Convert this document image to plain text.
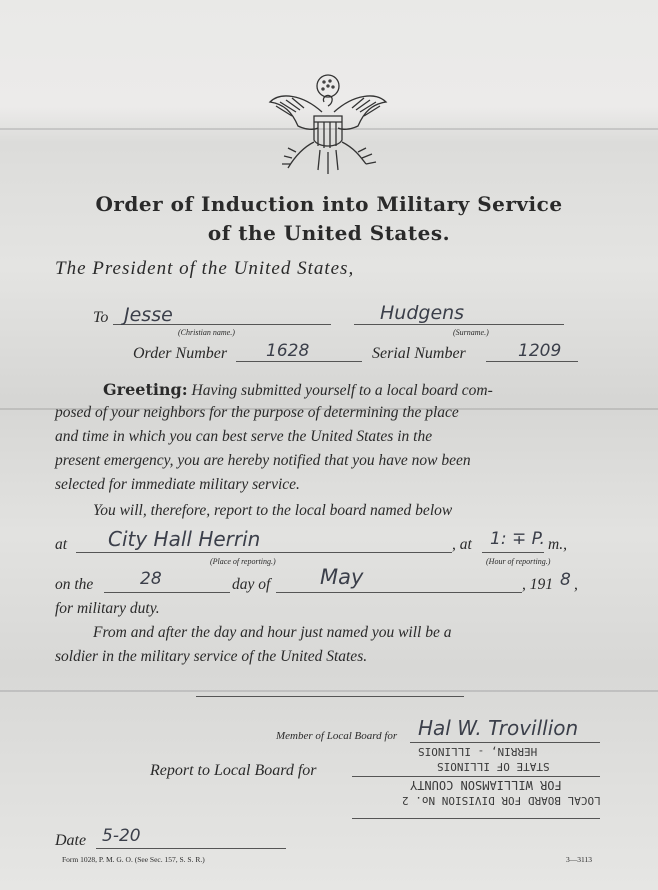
Order of Induction into Military Service
of the United States.
The President of the United States,
To Jesse
(Christian name.)
Hudgens
(Surname.)
Order Number 1628	Serial Number	1209
Greeting: Having submitted yourself to a local board com-
posed of your neighbors for the purpose of determining the place
and time in which you can best serve the United States in the
present emergency, you are hereby notified that you have now been
selected for immediate military service.
You will, therefore, report to the local board named below
at City Hall Herrin
(Place of reporting.)
, at 1: ∓ P. m.,
(Hour of reporting.)
on the	28	day of May	, 191 8 ,
for military duty.
From and after the day and hour just named you will be a
soldier in the military service of the United States.
Member of Local Board for Hal W. Trovillion
Report to Local Board for
HERRIN, - ILLINOIS
STATE OF ILLINOIS
FOR WILLIAMSON COUNTY
LOCAL BOARD FOR DIVISION No. 2
Date 5-20
Form 1028, P. M. G. O. (See Sec. 157, S. S. R.)	3—3113
